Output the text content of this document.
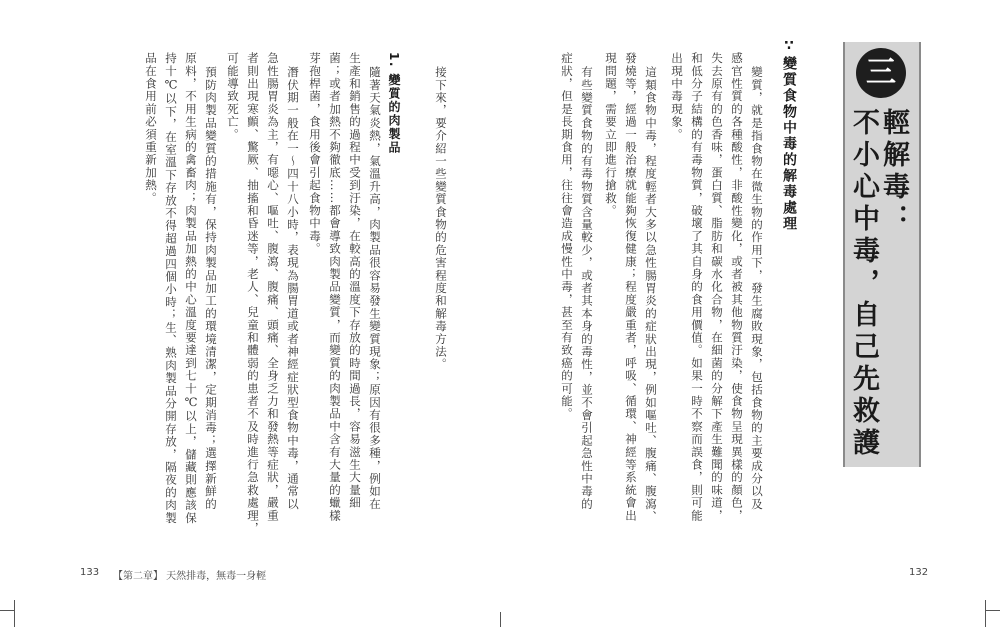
三
輕解毒：
不小心中毒，自己先救護
∵變質食物中毒的解毒處理
變質，就是指食物在微生物的作用下，發生腐敗現象，包括食物的主要成分以及
感官性質的各種酸性，非酸性變化，或者被其他物質汙染，使食物呈現異樣的顏色，
失去原有的色香味，蛋白質、脂肪和碳水化合物，在細菌的分解下產生難聞的味道，
和低分子結構的有毒物質，破壞了其自身的食用價值。如果一時不察而誤食，則可能
出現中毒現象。
這類食物中毒，程度輕者大多以急性腸胃炎的症狀出現，例如嘔吐、腹痛、腹瀉、
發燒等，經過一般治療就能夠恢復健康；程度嚴重者，呼吸、循環、神經等系統會出
現問題，需要立即進行搶救。
有些變質食物的有毒物質含量較少，或者其本身的毒性，並不會引起急性中毒的
症狀，但是長期食用，往往會造成慢性中毒，甚至有致癌的可能。
132
接下來，要介紹一些變質食物的危害程度和解毒方法。
1. 變質的肉製品
隨著天氣炎熱，氣溫升高，肉製品很容易發生變質現象；原因有很多種，例如在
生產和銷售的過程中受到汙染，在較高的溫度下存放的時間過長，容易滋生大量細
菌；或者加熱不夠徹底……都會導致肉製品變質，而變質的肉製品中含有大量的蠟樣
芽孢桿菌，食用後會引起食物中毒。
潛伏期一般在一～四十八小時，表現為腸胃道或者神經症狀型食物中毒，通常以
急性腸胃炎為主，有噁心、嘔吐、腹瀉、腹痛、頭痛、全身乏力和發熱等症狀，嚴重
者則出現寒顫、驚厥、抽搐和昏迷等，老人、兒童和體弱的患者不及時進行急救處理，
可能導致死亡。
預防肉製品變質的措施有，保持肉製品加工的環境清潔，定期消毒；選擇新鮮的
原料，不用生病的禽畜肉；肉製品加熱的中心溫度要達到七十℃以上，儲藏則應該保
持十℃以下，在室溫下存放不得超過四個小時；生、熟肉製品分開存放，隔夜的肉製
品在食用前必須重新加熱。
133 【第二章】 天然排毒，無毒一身輕
